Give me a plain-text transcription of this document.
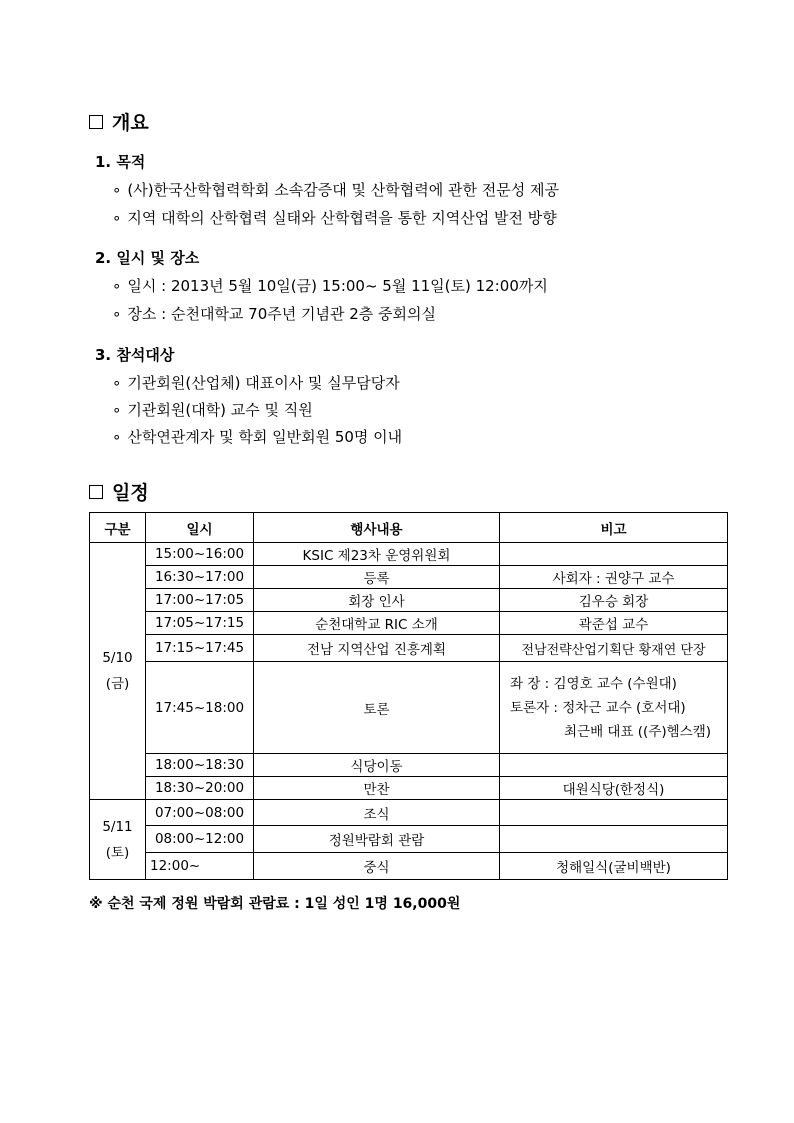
개요
1. 목적
∘ (사)한국산학협력학회 소속감증대 및 산학협력에 관한 전문성 제공
∘ 지역 대학의 산학협력 실태와 산학협력을 통한 지역산업 발전 방향
2. 일시 및 장소
∘ 일시 : 2013년 5월 10일(금) 15:00~ 5월 11일(토) 12:00까지
∘ 장소 : 순천대학교 70주년 기념관 2층 중회의실
3. 참석대상
∘ 기관회원(산업체) 대표이사 및 실무담당자
∘ 기관회원(대학) 교수 및 직원
∘ 산학연관계자 및 학회 일반회원 50명 이내
일정
구분	일시	행사내용	비고

5/10
(금)	15:00~16:00	KSIC 제23차 운영위원회	
	16:30~17:00	등록	사회자 : 권양구 교수
	17:00~17:05	회장 인사	김우승 회장
	17:05~17:15	순천대학교 RIC 소개	곽준섭 교수
	17:15~17:45	전남 지역산업 진흥계획	전남전략산업기획단 황재연 단장
	17:45~18:00	토론	좌 장 : 김영호 교수 (수원대)
토론자 : 정차근 교수 (호서대)
최근배 대표 ((주)헴스캠)

	18:00~18:30	식당이동	
	18:30~20:00	만찬	대원식당(한정식)

5/11
(토)	07:00~08:00	조식	
	08:00~12:00	정원박람회 관람	
	12:00~	중식	청해일식(굴비백반)
※ 순천 국제 정원 박람회 관람료 : 1일 성인 1명 16,000원
